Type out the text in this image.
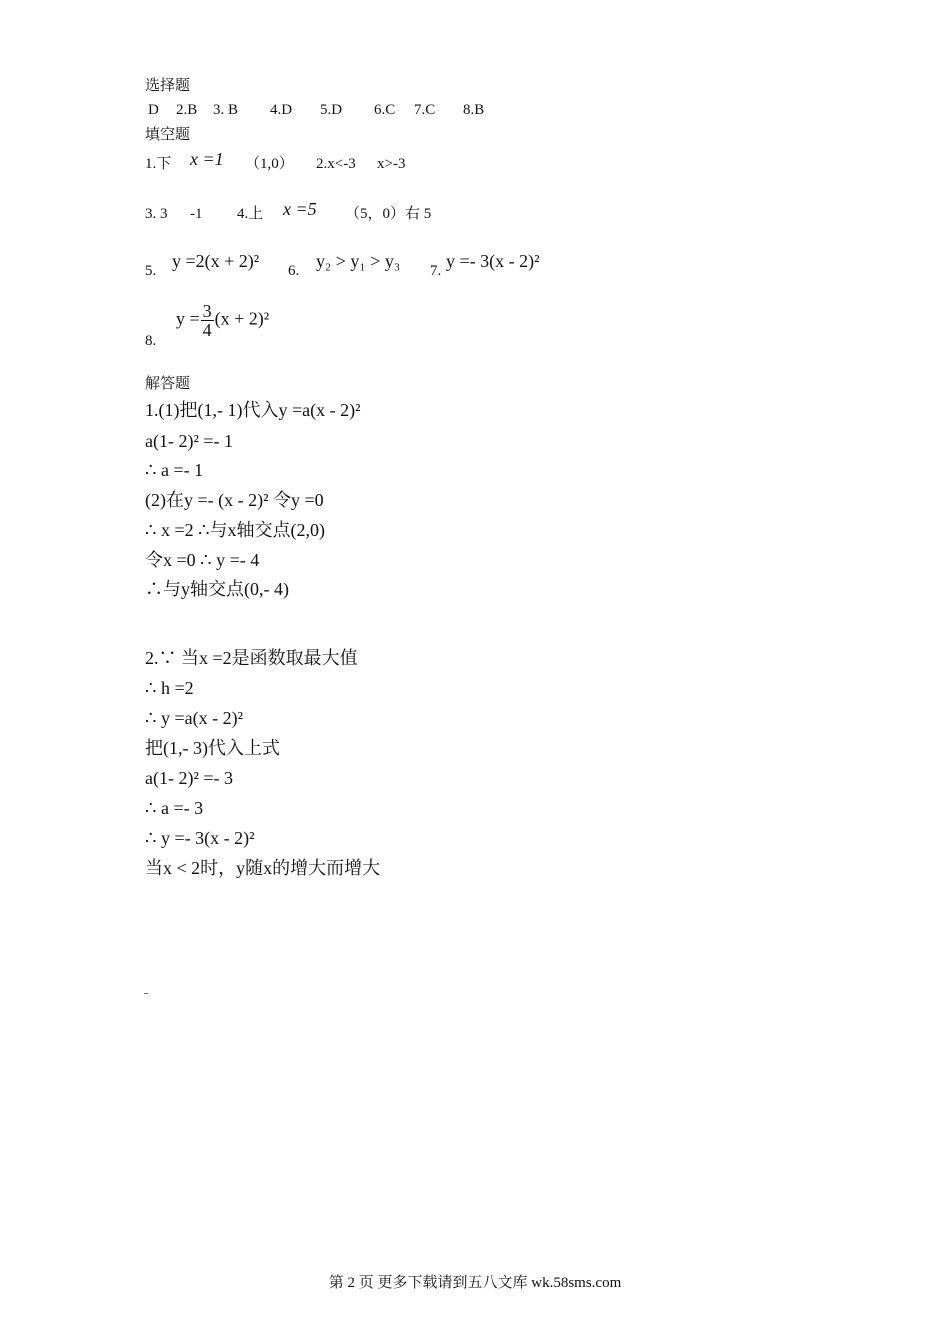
选择题
D 2.B 3. B 4.D 5.D 6.C 7.C 8.B
填空题
1.下 x =1 （1,0） 2.x<-3 x>-3
3. 3 -1 4.上 x =5 （5，0）右 5
5. y =2(x + 2)² 6. y₂ > y₁ > y₃ 7. y =- 3(x - 2)²
8.
$y = \frac{3}{4} (x + 2)^2$
解答题
1.(1)把(1,- 1)代入y =a(x - 2)²
a(1- 2)² =- 1
∴ a =- 1
(2)在y =- (x - 2)² 令y =0
∴ x =2 ∴与x轴交点(2,0)
令x =0 ∴ y =- 4
∴与y轴交点(0,- 4)
2.∵ 当x =2是函数取最大值
∴ h =2
∴ y =a(x - 2)²
把(1,- 3)代入上式
a(1- 2)² =- 3
∴ a =- 3
∴ y =- 3(x - 2)²
当x < 2时，y随x的增大而增大
第 2 页 更多下载请到五八文库 wk.58sms.com
